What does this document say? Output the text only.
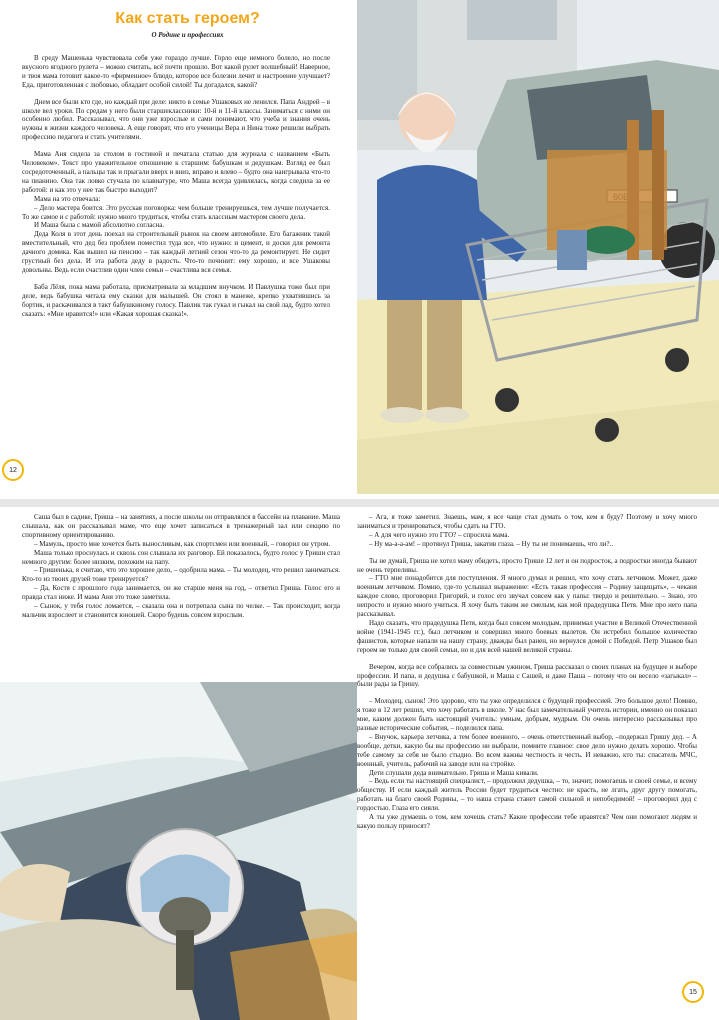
Как стать героем?
О Родине и профессиях

В среду Машенька чувствовала себя уже гораздо лучше. Горло еще немного болело, но после вкусного ягодного рулета – можно считать, всё почти прошло. Вот какой рулет волшебный! Наверное, и твоя мама готовит какое-то «фирменное» блюдо, которое все болезни лечит и настроение улучшает? Еда, приготовленная с любовью, обладает особой силой! Ты догадался, какой?

Днем все были кто где, но каждый при деле: никто в семье Ушаковых не ленился. Папа Андрей – в школе вел уроки. По средам у него были старшеклассники: 10-й и 11-й классы. Заниматься с ними он особенно любил. Рассказывал, что они уже взрослые и сами понимают, что учеба и знания очень нужны в жизни каждого человека. А еще говорят, что его ученицы Вера и Нина тоже решили выбрать профессию педагога и стать учителями.

Мама Аня сидела за столом в гостиной и печатала статью для журнала с названием «Быть Человеком». Текст про уважительное отношение к старшим: бабушкам и дедушкам. Взгляд ее был сосредоточенный, а пальцы так и прыгали вверх и вниз, вправо и влево – будто она наигрывала что-то на пианино. Она так ловко стучала по клавиатуре, что Маша всегда удивлялась, когда следила за ее работой: и как это у нее так быстро выходит?

Мама на это отвечала:

– Дело мастера боится. Это русская поговорка: чем больше тренируешься, тем лучше получается. То же самое и с работой: нужно много трудиться, чтобы стать классным мастером своего дела.

И Маша была с мамой абсолютно согласна.

Деда Коля в этот день поехал на строительный рынок на своем автомобиле. Его багажник такой вместительный, что дед без проблем поместил туда все, что нужно: и цемент, и доски для ремонта дачного домика. Как вышел на пенсию – так каждый летний сезон что-то да ремонтирует. Не сидит грустный без дела. И эта работа деду в радость. Что-то починит: ему хорошо, и все Ушаковы довольны. Ведь если счастлив один член семьи – счастлива вся семья.

Баба Лёля, пока мама работала, присматривала за младшим внучком. И Павлушка тоже был при деле, ведь бабушка читала ему сказки для малышей. Он стоял в манеже, крепко ухватившись за бортик, и раскачивался в такт бабушкиному голосу. Павлик так гукал и гыкал на свой лад, будто хотел сказать: «Мне нравится!» или «Какая хорошая сказка!».

12

Саша был в садике, Гриша – на занятиях, а после школы он отправлялся в бассейн на плавание. Маша слышала, как он рассказывал маме, что еще хочет записаться в тренажерный зал или секцию по спортивному ориентированию.

– Мамуль, просто мне хочется быть выносливым, как спортсмен или военный, – говорил он утром.

Маша только проснулась и сквозь сон слышала их разговор. Ей показалось, будто голос у Гриши стал немного другим: более низким, похожим на папу.

– Гришенька, я считаю, что это хорошее дело, – одобрила мама. – Ты молодец, что решил заниматься. Кто-то из твоих друзей тоже тренируется?

– Да, Костя с прошлого года занимается, он же старше меня на год, – ответил Гриша. Голос его и правда стал ниже. И мама Аня это тоже заметила.

– Сынок, у тебя голос ломается, – сказала она и потрепала сына по челке. – Так происходит, когда мальчик взрослеет и становится юношей. Скоро будешь совсем взрослым.

– Ага, я тоже заметил. Знаешь, мам, я все чаще стал думать о том, кем я буду? Поэтому и хочу много заниматься и тренироваться, чтобы сдать на ГТО.

– А для чего нужно это ГТО? – спросила мама.

– Ну ма-а-а-ам! – протянул Гриша, закатив глаза. – Ну ты не понимаешь, что ли?..

Ты не думай, Гриша не хотел маму обидеть, просто Грише 12 лет и он подросток, а подростки иногда бывают не очень терпеливы.

– ГТО мне понадобится для поступления. Я много думал и решил, что хочу стать летчиком. Может, даже военным летчиком. Помню, где-то услышал выражение: «Есть такая профессия – Родину защищать», – чеканя каждое слово, проговорил Григорий, и голос его звучал совсем как у папы: твердо и решительно. – Знаю, это непросто и нужно много учиться. Я хочу быть таким же смелым, как мой прадедушка Петя. Мне про него папа рассказывал.

Надо сказать, что прадедушка Петя, когда был совсем молодым, принимал участие в Великой Отечественной войне (1941-1945 гг.), был летчиком и совершил много боевых вылетов. Он истребил большое количество фашистов, которые напали на нашу страну, дважды был ранен, но вернулся домой с Победой. Петр Ушаков был героем не только для своей семьи, но и для всей нашей великой страны.

Вечером, когда все собрались за совместным ужином, Гриша рассказал о своих планах на будущее и выборе профессии. И папа, и дедушка с бабушкой, и Маша с Сашей, и даже Паша – потому что он весело «загыкал» – были рады за Гришу.

– Молодец, сынок! Это здорово, что ты уже определился с будущей профессией. Это большое дело! Помню, я тоже в 12 лет решил, что хочу работать в школе. У нас был замечательный учитель истории, именно он показал мне, каким должен быть настоящий учитель: умным, добрым, мудрым. Он очень интересно рассказывал про разные исторические события, – поделился папа.

– Внучок, карьера летчика, а тем более военного, – очень ответственный выбор, –подержал Гришу дед. – А вообще, детки, какую бы вы профессию ни выбрали, помните главное: свое дело нужно делать хорошо. Чтобы тебе самому за себя не было стыдно. Во всем важны честность и честь. И неважно, кто ты: спасатель МЧС, военный, учитель, рабочий на заводе или на стройке.

Дети слушали деда внимательно. Гриша и Маша кивали.

– Ведь если ты настоящий специалист, – продолжил дедушка, – то, значит, помогаешь и своей семье, и всему обществу. И если каждый житель России будет трудиться честно: не красть, не лгать, друг другу помогать, работать на благо своей Родины, – то наша страна станет самой сильной и непобедимой! – проговорил дед с гордостью. Глаза его сияли.

А ты уже думаешь о том, кем хочешь стать? Какие профессии тебе нравятся? Чем они помогают людям и какую пользу приносят?

15
